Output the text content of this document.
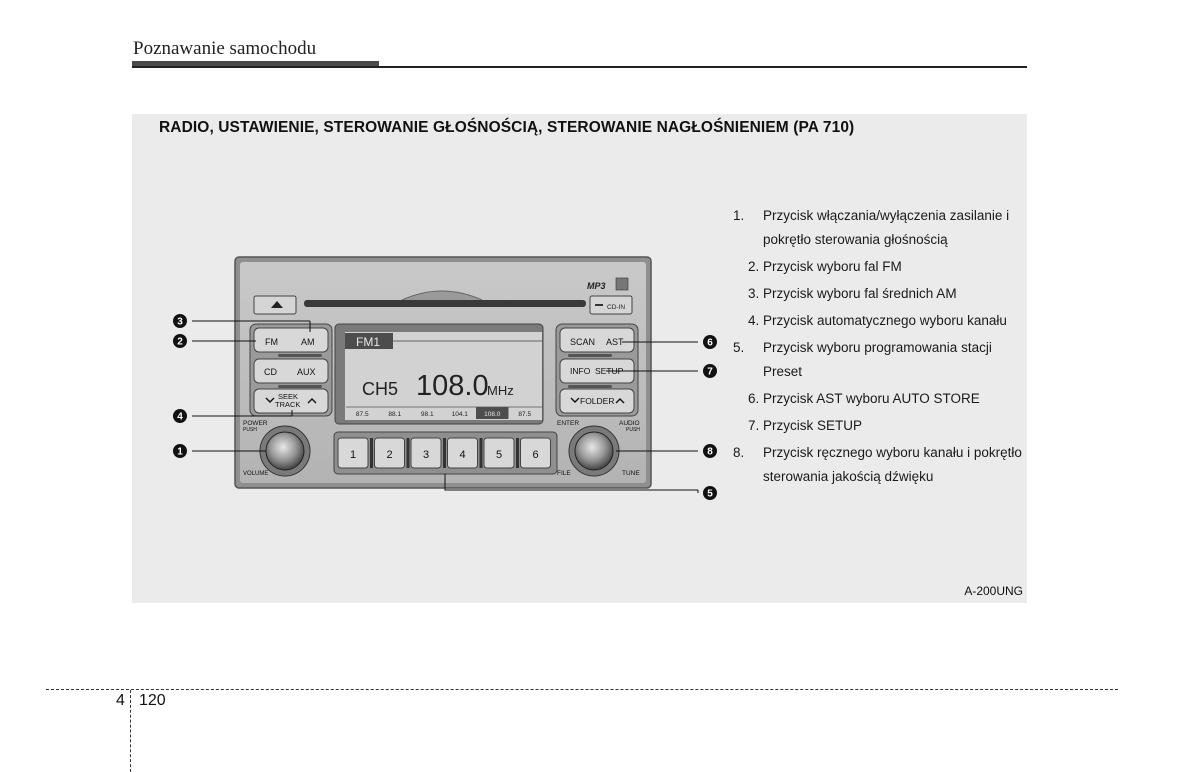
Poznawanie samochodu
RADIO, USTAWIENIE, STEROWANIE GŁOŚNOŚCIĄ, STEROWANIE NAGŁOŚNIENIEM (PA 710)
MP3
CD-IN
FM	AM
CD AUX
SEEK
TRACK
FM1
CH5 108.0
MHz
87.5	88.1	98.1	104.1 108.0	87.5
SCAN AST
INFO SETUP
FOLDER
POWER
PUSH
VOLUME
ENTER	AUDIO
PUSH
FILE	TUNE
1	2	3	4	5	6
1
2
3
4
5
6
7
8
1. Przycisk włączania/wyłączenia zasilanie i pokrętło sterowania głośnością
2. Przycisk wyboru fal FM
3. Przycisk wyboru fal średnich AM
4. Przycisk automatycznego wyboru kanału
5. Przycisk wyboru programowania stacji Preset
6. Przycisk AST wyboru AUTO STORE
7. Przycisk SETUP
8. Przycisk ręcznego wyboru kanału i pokrętło sterowania jakością dźwięku
A-200UNG
4 120
